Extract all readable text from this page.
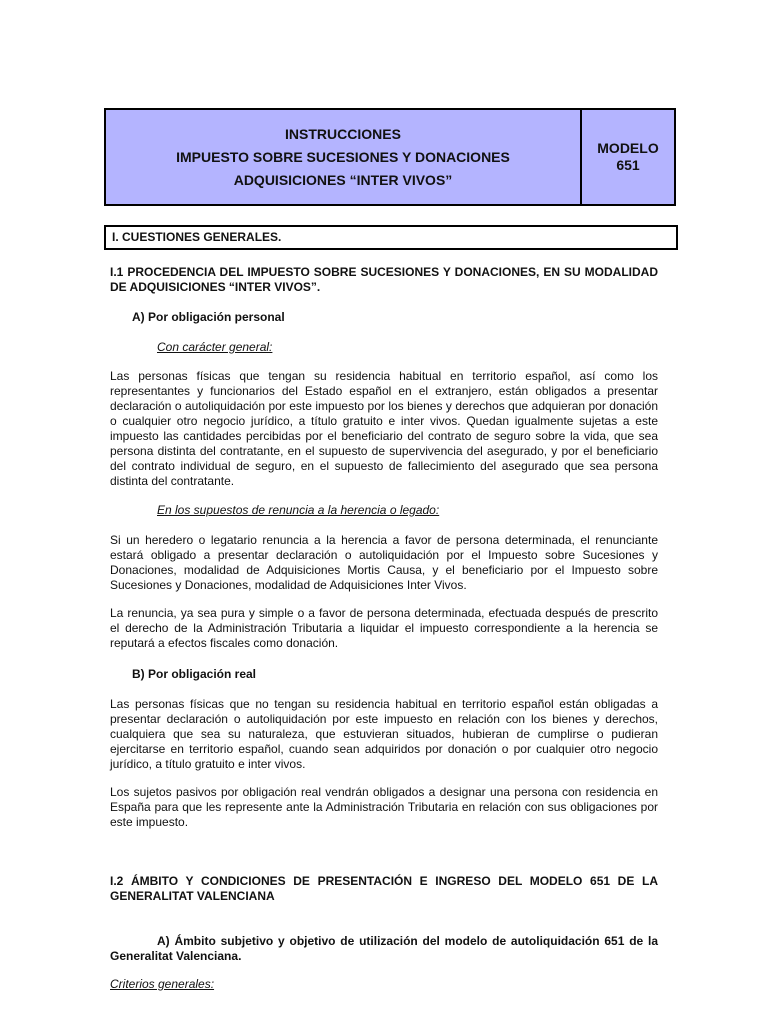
INSTRUCCIONES
IMPUESTO SOBRE SUCESIONES Y DONACIONES
ADQUISICIONES “INTER VIVOS”
MODELO
651
I. CUESTIONES GENERALES.
I.1 PROCEDENCIA DEL IMPUESTO SOBRE SUCESIONES Y DONACIONES, EN SU MODALIDAD DE ADQUISICIONES “INTER VIVOS”.
A) Por obligación personal
Con carácter general:
Las personas físicas que tengan su residencia habitual en territorio español, así como los representantes y funcionarios del Estado español en el extranjero, están obligados a presentar declaración o autoliquidación por este impuesto por los bienes y derechos que adquieran por donación o cualquier otro negocio jurídico, a título gratuito e inter vivos. Quedan igualmente sujetas a este impuesto las cantidades percibidas por el beneficiario del contrato de seguro sobre la vida, que sea persona distinta del contratante, en el supuesto de supervivencia del asegurado, y por el beneficiario del contrato individual de seguro, en el supuesto de fallecimiento del asegurado que sea persona distinta del contratante.
En los supuestos de renuncia a la herencia o legado:
Si un heredero o legatario renuncia a la herencia a favor de persona determinada, el renunciante estará obligado a presentar declaración o autoliquidación por el Impuesto sobre Sucesiones y Donaciones, modalidad de Adquisiciones Mortis Causa, y el beneficiario por el Impuesto sobre Sucesiones y Donaciones, modalidad de Adquisiciones Inter Vivos.
La renuncia, ya sea pura y simple o a favor de persona determinada, efectuada después de prescrito el derecho de la Administración Tributaria a liquidar el impuesto correspondiente a la herencia se reputará a efectos fiscales como donación.
B) Por obligación real
Las personas físicas que no tengan su residencia habitual en territorio español están obligadas a presentar declaración o autoliquidación por este impuesto en relación con los bienes y derechos, cualquiera que sea su naturaleza, que estuvieran situados, hubieran de cumplirse o pudieran ejercitarse en territorio español, cuando sean adquiridos por donación o por cualquier otro negocio jurídico, a título gratuito e inter vivos.
Los sujetos pasivos por obligación real vendrán obligados a designar una persona con residencia en España para que les represente ante la Administración Tributaria en relación con sus obligaciones por este impuesto.
I.2 ÁMBITO Y CONDICIONES DE PRESENTACIÓN E INGRESO DEL MODELO 651 DE LA GENERALITAT VALENCIANA
A) Ámbito subjetivo y objetivo de utilización del modelo de autoliquidación 651 de la Generalitat Valenciana.
Criterios generales:
